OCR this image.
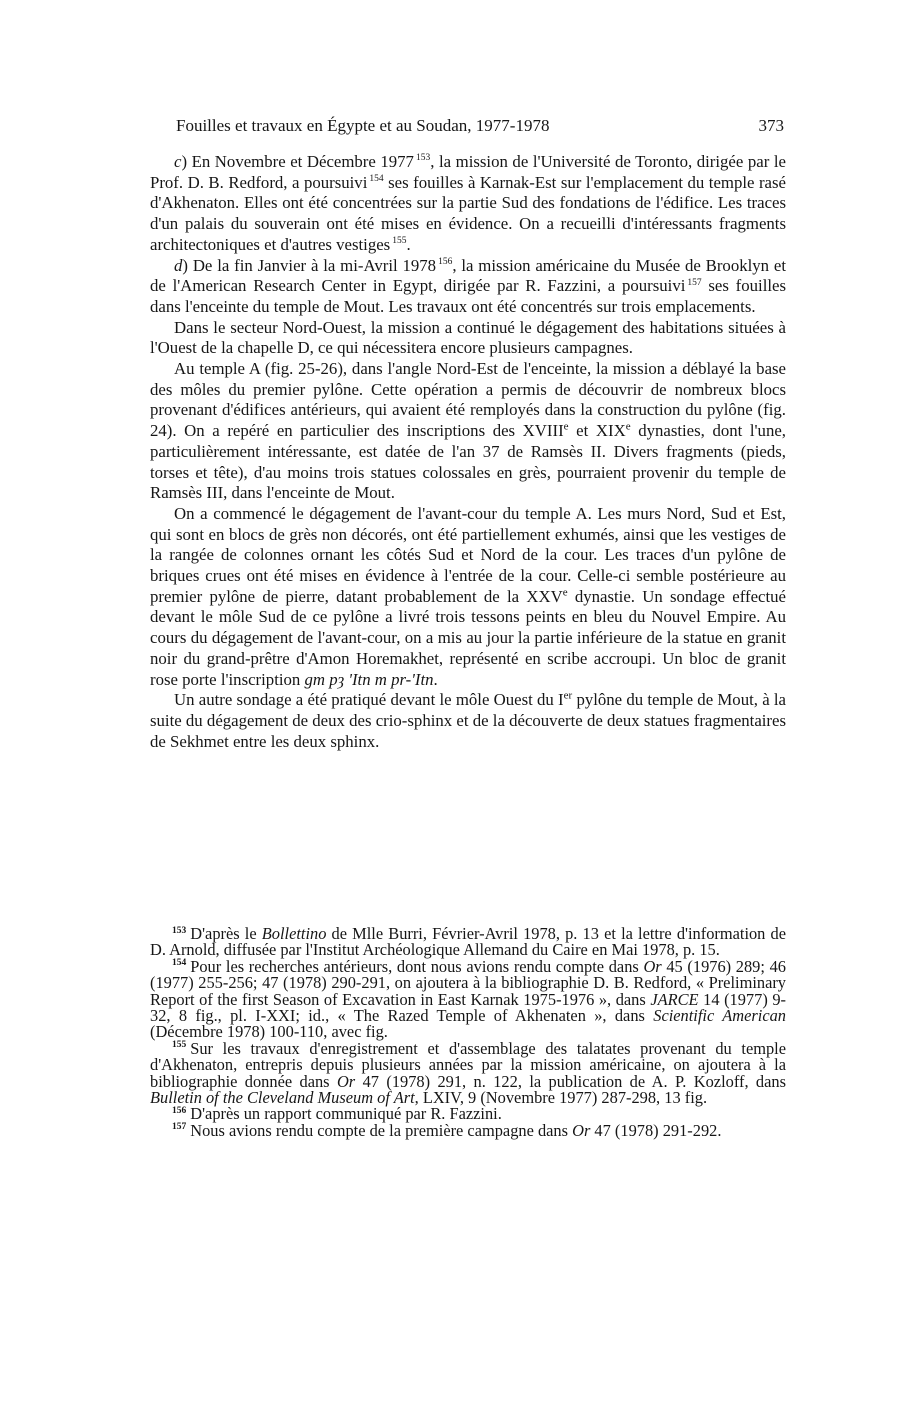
Fouilles et travaux en Égypte et au Soudan, 1977-1978	373

c) En Novembre et Décembre 1977 $^{153}$, la mission de l'Université de Toronto, dirigée par le Prof. D. B. Redford, a poursuivi $^{154}$ ses fouilles à Karnak-Est sur l'emplacement du temple rasé d'Akhenaton. Elles ont été concentrées sur la partie Sud des fondations de l'édifice. Les traces d'un palais du souverain ont été mises en évidence. On a recueilli d'intéressants fragments architectoniques et d'autres vestiges $^{155}$.

d) De la fin Janvier à la mi-Avril 1978 $^{156}$, la mission américaine du Musée de Brooklyn et de l'American Research Center in Egypt, dirigée par R. Fazzini, a poursuivi $^{157}$ ses fouilles dans l'enceinte du temple de Mout. Les travaux ont été concentrés sur trois emplacements.

Dans le secteur Nord-Ouest, la mission a continué le dégagement des habitations situées à l'Ouest de la chapelle D, ce qui nécessitera encore plusieurs campagnes.

Au temple A (fig. 25-26), dans l'angle Nord-Est de l'enceinte, la mission a déblayé la base des môles du premier pylône. Cette opération a permis de découvrir de nombreux blocs provenant d'édifices antérieurs, qui avaient été remployés dans la construction du pylône (fig. 24). On a repéré en particulier des inscriptions des XVIIIe et XIXe dynasties, dont l'une, particulièrement intéressante, est datée de l'an 37 de Ramsès II. Divers fragments (pieds, torses et tête), d'au moins trois statues colossales en grès, pourraient provenir du temple de Ramsès III, dans l'enceinte de Mout.

On a commencé le dégagement de l'avant-cour du temple A. Les murs Nord, Sud et Est, qui sont en blocs de grès non décorés, ont été partiellement exhumés, ainsi que les vestiges de la rangée de colonnes ornant les côtés Sud et Nord de la cour. Les traces d'un pylône de briques crues ont été mises en évidence à l'entrée de la cour. Celle-ci semble postérieure au premier pylône de pierre, datant probablement de la XXVe dynastie. Un sondage effectué devant le môle Sud de ce pylône a livré trois tessons peints en bleu du Nouvel Empire. Au cours du dégagement de l'avant-cour, on a mis au jour la partie inférieure de la statue en granit noir du grand-prêtre d'Amon Horemakhet, représenté en scribe accroupi. Un bloc de granit rose porte l'inscription gm pȝ 'Itn m pr-'Itn.

Un autre sondage a été pratiqué devant le môle Ouest du Ier pylône du temple de Mout, à la suite du dégagement de deux des crio-sphinx et de la découverte de deux statues fragmentaires de Sekhmet entre les deux sphinx.

$^{153}$ D'après le Bollettino de Mlle Burri, Février-Avril 1978, p. 13 et la lettre d'information de D. Arnold, diffusée par l'Institut Archéologique Allemand du Caire en Mai 1978, p. 15.

$^{154}$ Pour les recherches antérieurs, dont nous avions rendu compte dans Or 45 (1976) 289; 46 (1977) 255-256; 47 (1978) 290-291, on ajoutera à la bibliographie D. B. Redford, « Preliminary Report of the first Season of Excavation in East Karnak 1975-1976 », dans JARCE 14 (1977) 9-32, 8 fig., pl. I-XXI; id., « The Razed Temple of Akhenaten », dans Scientific American (Décembre 1978) 100-110, avec fig.

$^{155}$ Sur les travaux d'enregistrement et d'assemblage des talatates provenant du temple d'Akhenaton, entrepris depuis plusieurs années par la mission américaine, on ajoutera à la bibliographie donnée dans Or 47 (1978) 291, n. 122, la publication de A. P. Kozloff, dans Bulletin of the Cleveland Museum of Art, LXIV, 9 (Novembre 1977) 287-298, 13 fig.

$^{156}$ D'après un rapport communiqué par R. Fazzini.

$^{157}$ Nous avions rendu compte de la première campagne dans Or 47 (1978) 291-292.
